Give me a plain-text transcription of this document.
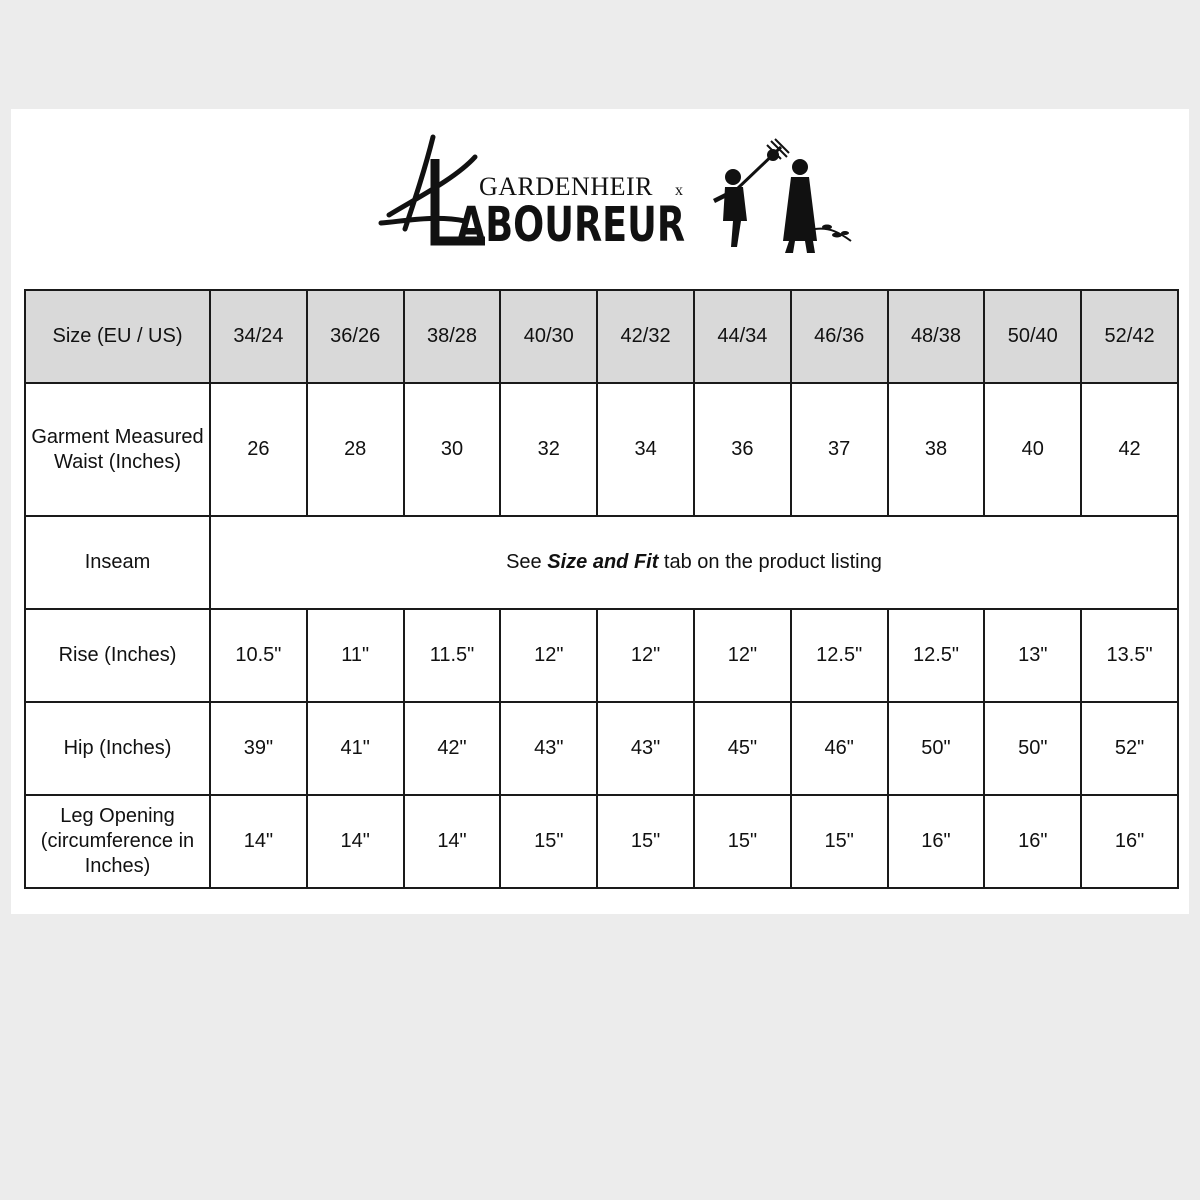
GARDENHEIR x
ABOUREUR
Size (EU / US)	34/24	36/26	38/28	40/30	42/32	44/34	46/36	48/38	50/40	52/42
Garment Measured Waist (Inches)	26	28	30	32	34	36	37	38	40	42
Inseam	See Size and Fit tab on the product listing									
Rise (Inches)	10.5"	11"	11.5"	12"	12"	12"	12.5"	12.5"	13"	13.5"
Hip (Inches)	39"	41"	42"	43"	43"	45"	46"	50"	50"	52"
Leg Opening (circumference in Inches)	14"	14"	14"	15"	15"	15"	15"	16"	16"	16"
